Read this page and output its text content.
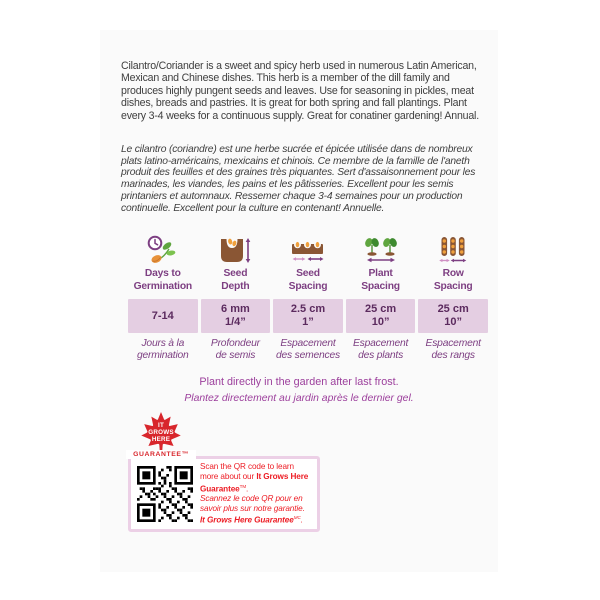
Cilantro/Coriander is a sweet and spicy herb used in numerous Latin American, Mexican and Chinese dishes. This herb is a member of the dill family and produces highly pungent seeds and leaves. Use for seasoning in pickles, meat dishes, breads and pastries. It is great for both spring and fall plantings. Plant every 3-4 weeks for a continuous supply. Great for conatiner gardening! Annual.

Le cilantro (coriandre) est une herbe sucrée et épicée utilisée dans de nombreux plats latino-américains, mexicains et chinois. Ce membre de la famille de l'aneth produit des feuilles et des graines très piquantes. Sert d'assaisonnement pour les marinades, les viandes, les pains et les pâtisseries. Excellent pour les semis printaniers et automnaux. Ressemer chaque 3-4 semaines pour un production continuelle. Excellent pour la culture en contenant! Annuelle.

Days to
Germination
7-14
Jours à la
germination
Seed
Depth
6 mm
1/4”
Profondeur
de semis
Seed
Spacing
2.5 cm
1”
Espacement
des semences
Plant
Spacing
25 cm
10”
Espacement
des plants
Row
Spacing
25 cm
10”
Espacement
des rangs

Plant directly in the garden after last frost.

Plantez directement au jardin après le dernier gel.

IT
GROWS
HERE
GUARANTEE™
Scan the QR code to learn more about our It Grows Here Guarantee™.
Scannez le code QR pour en savoir plus sur notre garantie. It Grows Here Guarantee$^{MC}$.
